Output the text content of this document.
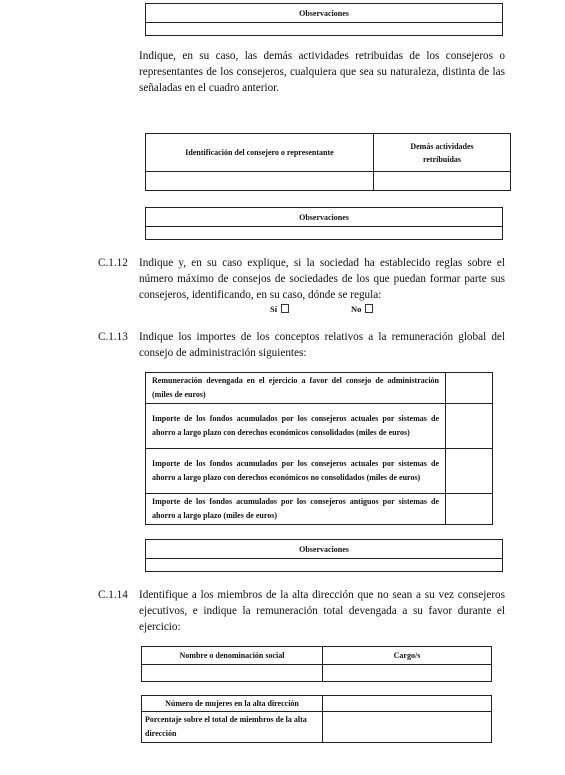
Observaciones

Indique, en su caso, las demás actividades retribuidas de los consejeros o representantes de los consejeros, cualquiera que sea su naturaleza, distinta de las señaladas en el cuadro anterior.
Identificación del consejero o representante	Demás actividades retribuidas

Observaciones

C.1.12 Indique y, en su caso explique, si la sociedad ha establecido reglas sobre el número máximo de consejos de sociedades de los que puedan formar parte sus consejeros, identificando, en su caso, dónde se regula:
Sí	No
C.1.13 Indique los importes de los conceptos relativos a la remuneración global del consejo de administración siguientes:
Remuneración devengada en el ejercicio a favor del consejo de administración (miles de euros)	
Importe de los fondos acumulados por los consejeros actuales por sistemas de ahorro a largo plazo con derechos económicos consolidados (miles de euros)	
Importe de los fondos acumulados por los consejeros actuales por sistemas de ahorro a largo plazo con derechos económicos no consolidados (miles de euros)	
Importe de los fondos acumulados por los consejeros antiguos por sistemas de ahorro a largo plazo (miles de euros)	
Observaciones

C.1.14 Identifique a los miembros de la alta dirección que no sean a su vez consejeros ejecutivos, e indique la remuneración total devengada a su favor durante el ejercicio:
Nombre o denominación social	Cargo/s

Número de mujeres en la alta dirección	
Porcentaje sobre el total de miembros de la alta dirección	
